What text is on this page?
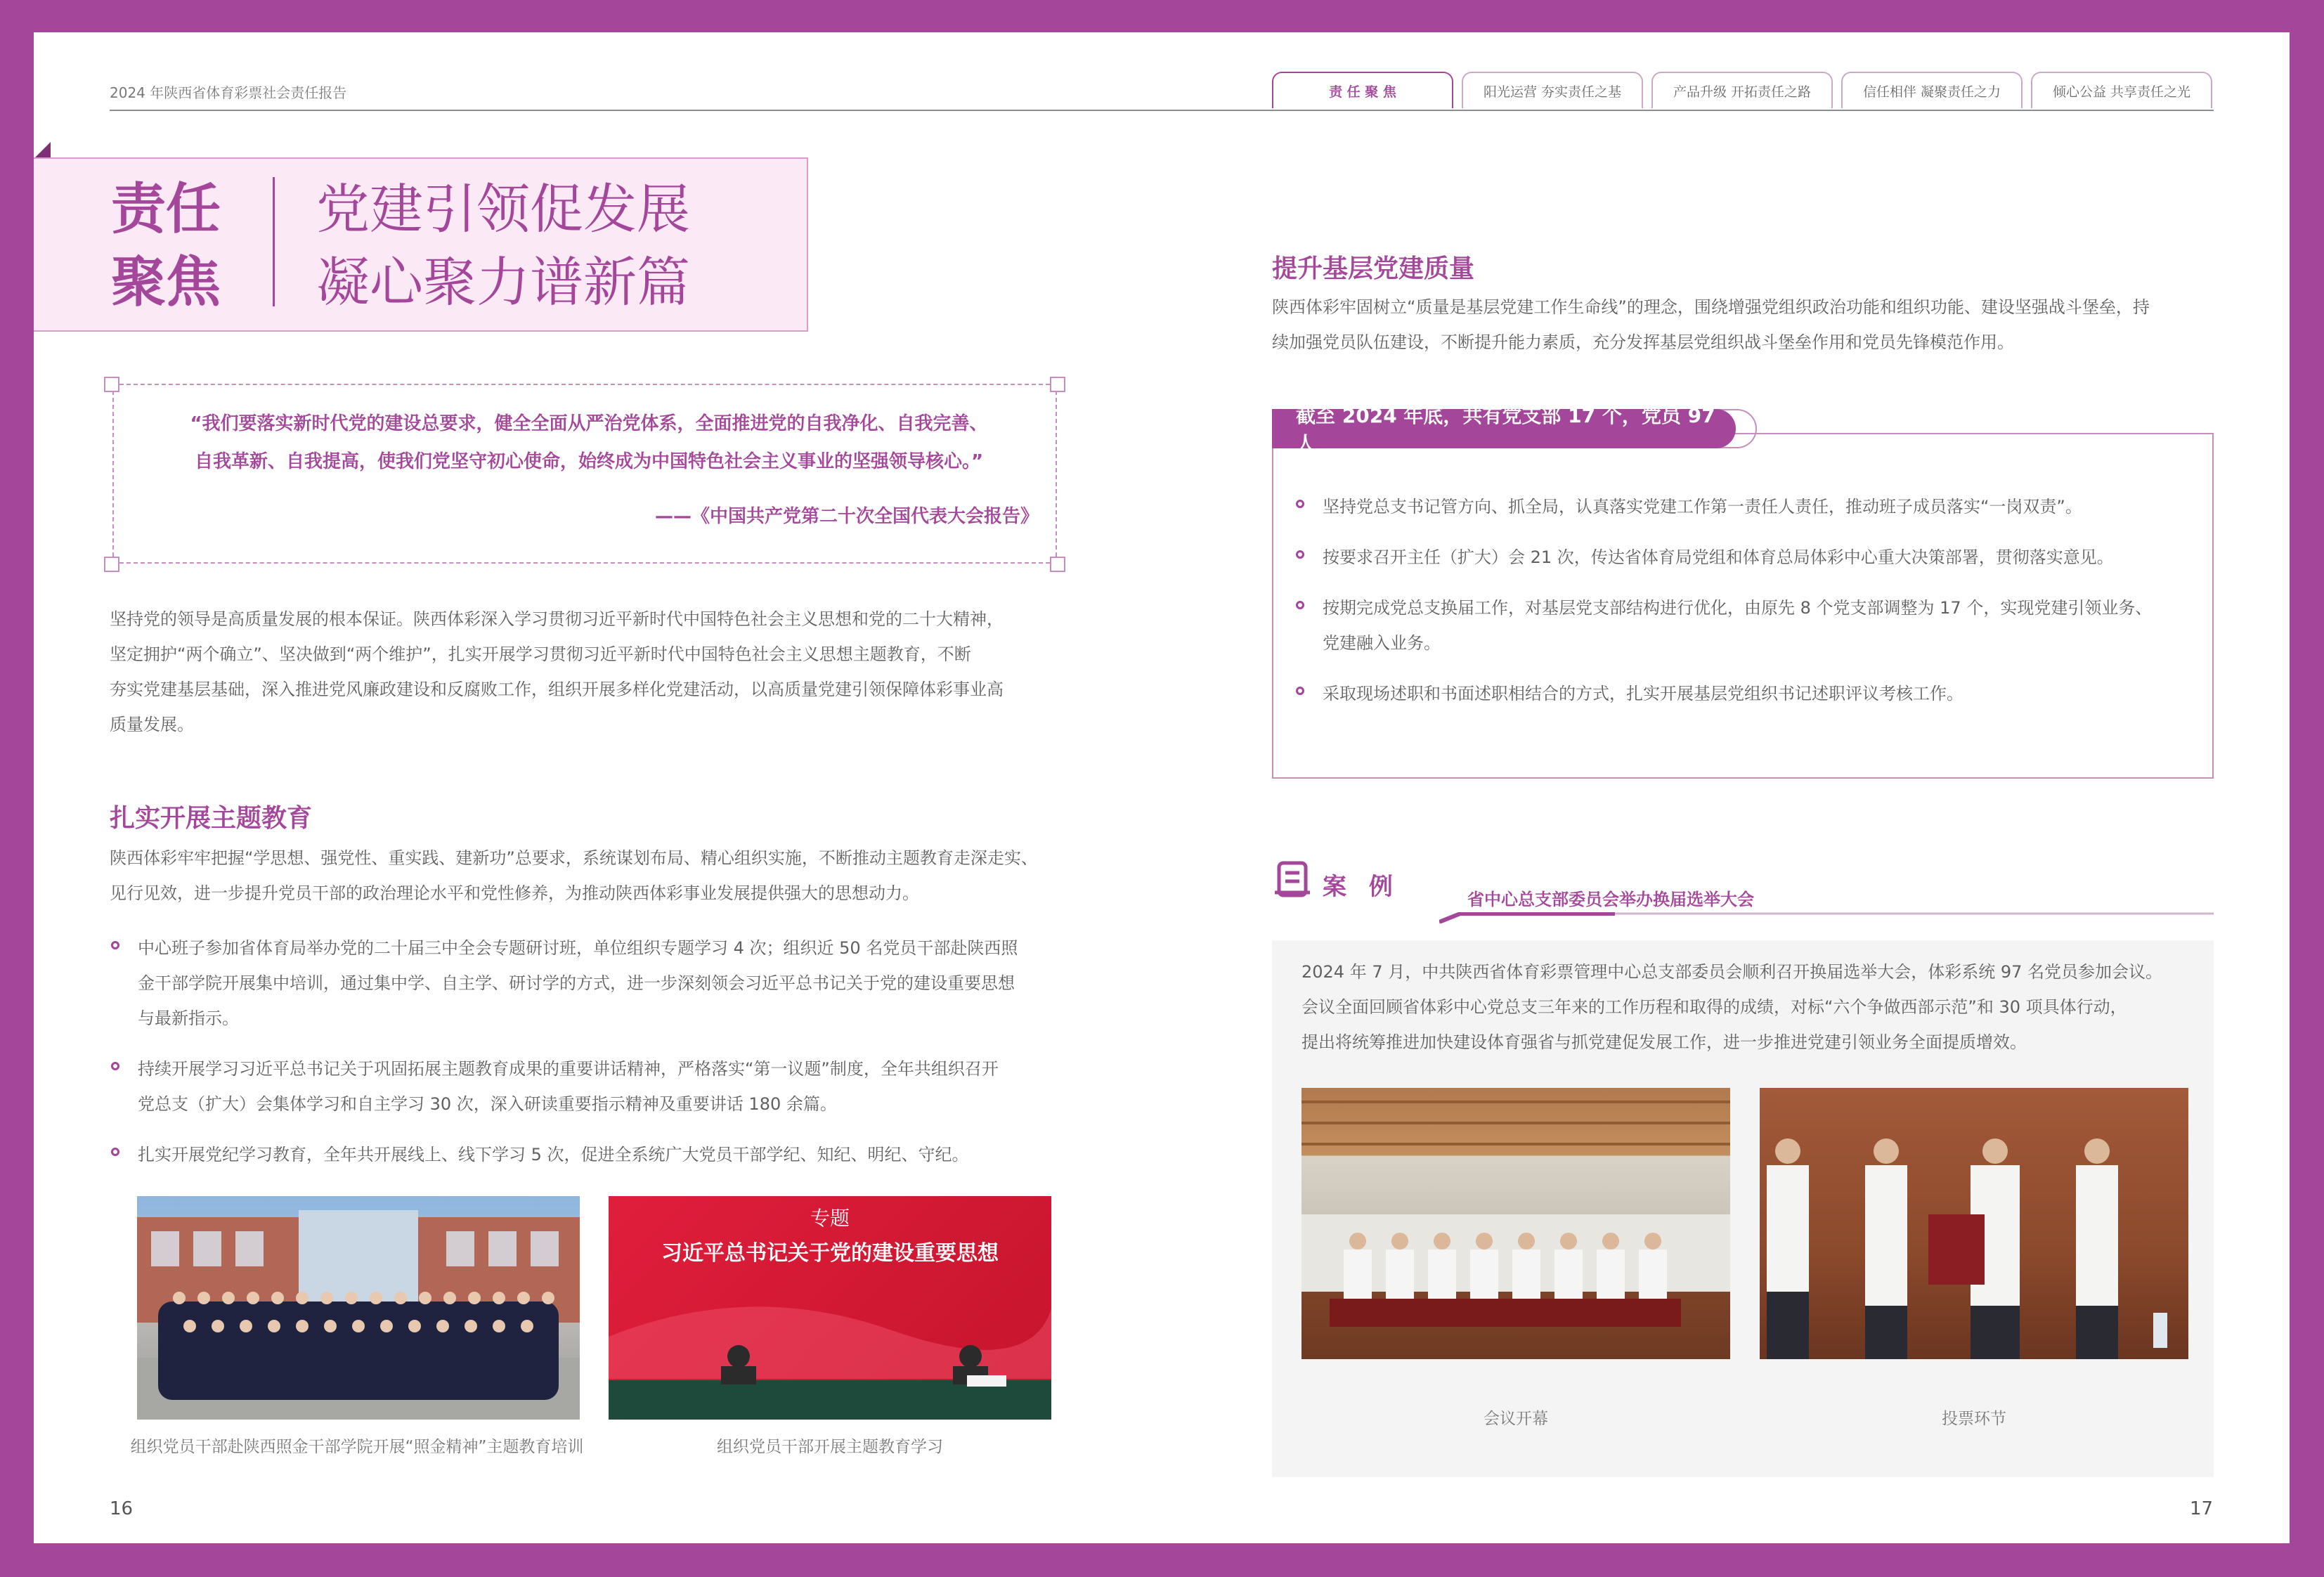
2024 年陕西省体育彩票社会责任报告	责 任 聚 焦	阳光运营 夯实责任之基	产品升级 开拓责任之路	信任相伴 凝聚责任之力	倾心公益 共享责任之光
责任
聚焦
党建引领促发展
凝心聚力谱新篇
“我们要落实新时代党的建设总要求，健全全面从严治党体系，全面推进党的自我净化、自我完善、
自我革新、自我提高，使我们党坚守初心使命，始终成为中国特色社会主义事业的坚强领导核心。”
——《中国共产党第二十次全国代表大会报告》
坚持党的领导是高质量发展的根本保证。陕西体彩深入学习贯彻习近平新时代中国特色社会主义思想和党的二十大精神，
坚定拥护“两个确立”、坚决做到“两个维护”，扎实开展学习贯彻习近平新时代中国特色社会主义思想主题教育，不断
夯实党建基层基础，深入推进党风廉政建设和反腐败工作，组织开展多样化党建活动，以高质量党建引领保障体彩事业高
质量发展。
扎实开展主题教育
陕西体彩牢牢把握“学思想、强党性、重实践、建新功”总要求，系统谋划布局、精心组织实施，不断推动主题教育走深走实、
见行见效，进一步提升党员干部的政治理论水平和党性修养，为推动陕西体彩事业发展提供强大的思想动力。
中心班子参加省体育局举办党的二十届三中全会专题研讨班，单位组织专题学习 4 次；组织近 50 名党员干部赴陕西照
金干部学院开展集中培训，通过集中学、自主学、研讨学的方式，进一步深刻领会习近平总书记关于党的建设重要思想
与最新指示。
持续开展学习习近平总书记关于巩固拓展主题教育成果的重要讲话精神，严格落实“第一议题”制度，全年共组织召开
党总支（扩大）会集体学习和自主学习 30 次，深入研读重要指示精神及重要讲话 180 余篇。
扎实开展党纪学习教育，全年共开展线上、线下学习 5 次，促进全系统广大党员干部学纪、知纪、明纪、守纪。
组织党员干部赴陕西照金干部学院开展“照金精神”主题教育培训
专题
习近平总书记关于党的建设重要思想
组织党员干部开展主题教育学习
16
提升基层党建质量
陕西体彩牢固树立“质量是基层党建工作生命线”的理念，围绕增强党组织政治功能和组织功能、建设坚强战斗堡垒，持
续加强党员队伍建设，不断提升能力素质，充分发挥基层党组织战斗堡垒作用和党员先锋模范作用。
截至 2024 年底，共有党支部 17 个，党员 97 人
坚持党总支书记管方向、抓全局，认真落实党建工作第一责任人责任，推动班子成员落实“一岗双责”。
按要求召开主任（扩大）会 21 次，传达省体育局党组和体育总局体彩中心重大决策部署，贯彻落实意见。
按期完成党总支换届工作，对基层党支部结构进行优化，由原先 8 个党支部调整为 17 个，实现党建引领业务、
党建融入业务。
采取现场述职和书面述职相结合的方式，扎实开展基层党组织书记述职评议考核工作。
案 例	省中心总支部委员会举办换届选举大会
2024 年 7 月，中共陕西省体育彩票管理中心总支部委员会顺利召开换届选举大会，体彩系统 97 名党员参加会议。
会议全面回顾省体彩中心党总支三年来的工作历程和取得的成绩，对标“六个争做西部示范”和 30 项具体行动，
提出将统筹推进加快建设体育强省与抓党建促发展工作，进一步推进党建引领业务全面提质增效。
会议开幕	投票环节
17
